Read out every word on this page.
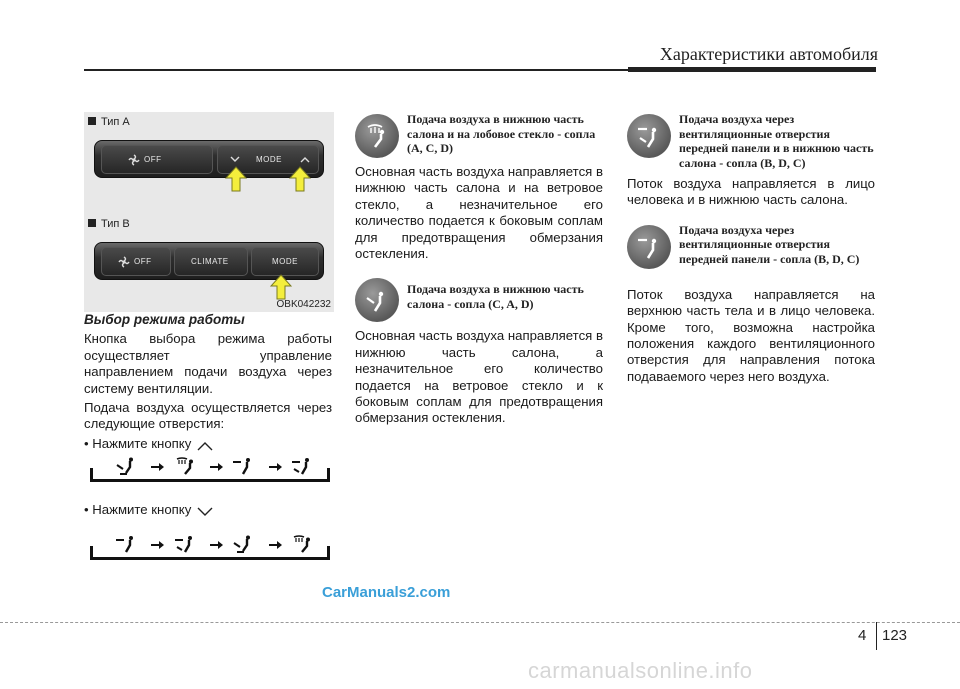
Характеристики автомобиля
Тип А
OFF	MODE
Тип B
OFF	CLIMATE	MODE
OBK042232
Выбор режима работы
Кнопка выбора режима работы осуществляет управление направлением подачи воздуха через систему вентиляции.
Подача воздуха осуществляется через следующие отверстия:
• Нажмите кнопку
• Нажмите кнопку
Подача воздуха в нижнюю часть салона и на лобовое стекло - сопла (A, C, D)
Основная часть воздуха направляется в нижнюю часть салона и на ветровое стекло, а незначительное его количество подается к боковым соплам для предотвращения обмерзания остекления.
Подача воздуха в нижнюю часть салона - сопла (C, A, D)
Основная часть воздуха направляется в нижнюю часть салона, а незначительное его количество подается на ветровое стекло и к боковым соплам для предотвращения обмерзания остекления.
Подача воздуха через вентиляционные отверстия передней панели и в нижнюю часть салона - сопла (B, D, C)
Поток воздуха направляется в лицо человека и в нижнюю часть салона.
Подача воздуха через вентиляционные отверстия передней панели - сопла (B, D, C)
Поток воздуха направляется на верхнюю часть тела и в лицо человека. Кроме того, возможна настройка положения каждого вентиляционного отверстия для направления потока подаваемого через него воздуха.
CarManuals2.com
4 123
carmanualsonline.info
